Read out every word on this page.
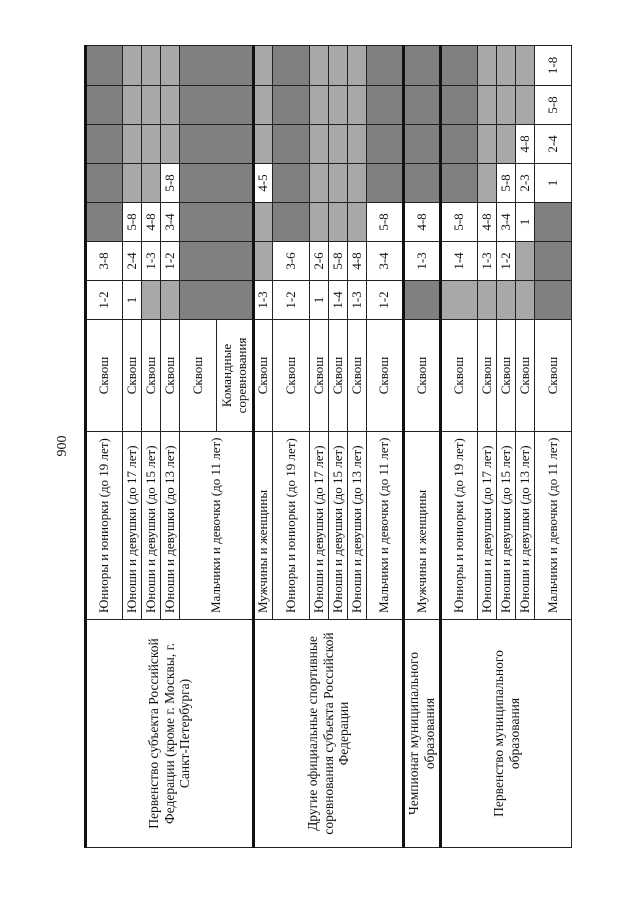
900
Первенство субъекта Российской Федерации (кроме г. Москвы, г. Санкт-Петербурга)	Юниоры и юниорки (до 19 лет)	Сквош	1-2	3-8					
	Юноши и девушки (до 17 лет)	Сквош	1	2-4	5-8				
	Юноши и девушки (до 15 лет)	Сквош		1-3	4-8				
	Юноши и девушки (до 13 лет)	Сквош		1-2	3-4	5-8			
	Мальчики и девочки (до 11 лет)	Сквош							
		Командные соревнования							
Другие официальные спортивные соревнования субъекта Российской Федерации	Мужчины и женщины	Сквош	1-3			4-5			
	Юниоры и юниорки (до 19 лет)	Сквош	1-2	3-6					
	Юноши и девушки (до 17 лет)	Сквош	1	2-6					
	Юноши и девушки (до 15 лет)	Сквош	1-4	5-8					
	Юноши и девушки (до 13 лет)	Сквош	1-3	4-8					
	Мальчики и девочки (до 11 лет)	Сквош	1-2	3-4	5-8				
Чемпионат муниципального образования	Мужчины и женщины	Сквош		1-3	4-8				
Первенство муниципального образования	Юниоры и юниорки (до 19 лет)	Сквош		1-4	5-8				
	Юноши и девушки (до 17 лет)	Сквош		1-3	4-8				
	Юноши и девушки (до 15 лет)	Сквош		1-2	3-4	5-8			
	Юноши и девушки (до 13 лет)	Сквош			1	2-3	4-8		
	Мальчики и девочки (до 11 лет)	Сквош				1	2-4	5-8	1-8
